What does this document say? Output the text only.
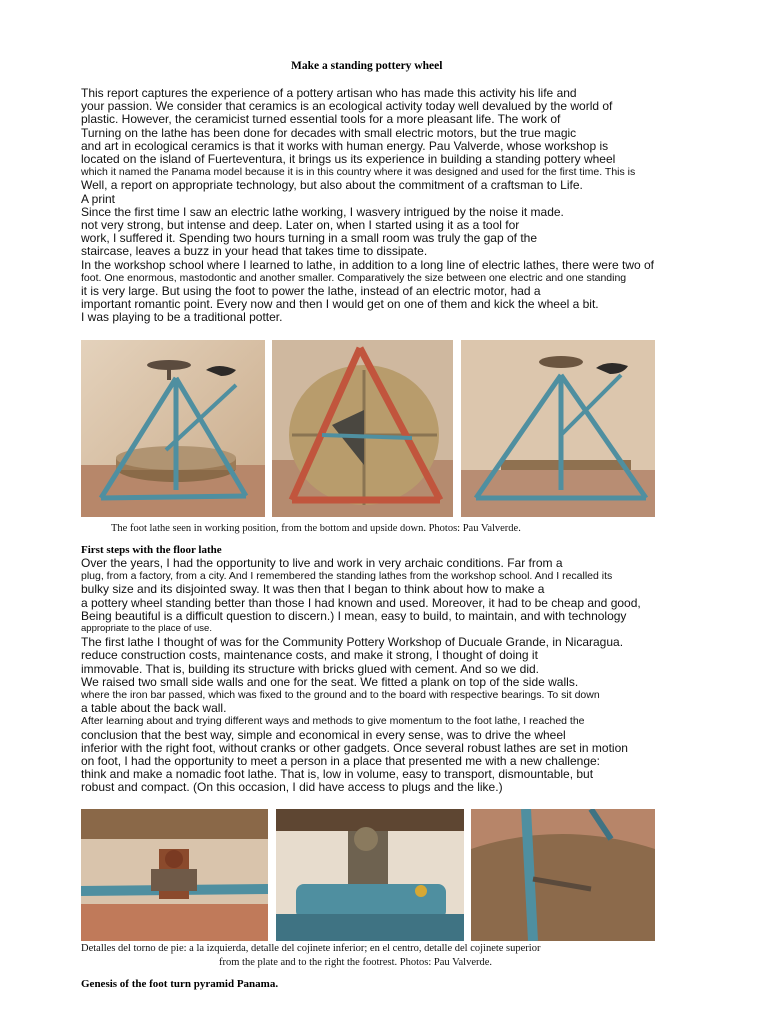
Make a standing pottery wheel
This report captures the experience of a pottery artisan who has made this activity his life and
your passion. We consider that ceramics is an ecological activity today well devalued by the world of
plastic. However, the ceramicist turned essential tools for a more pleasant life. The work of
Turning on the lathe has been done for decades with small electric motors, but the true magic
and art in ecological ceramics is that it works with human energy. Pau Valverde, whose workshop is
located on the island of Fuerteventura, it brings us its experience in building a standing pottery wheel
which it named the Panama model because it is in this country where it was designed and used for the first time. This is
Well, a report on appropriate technology, but also about the commitment of a craftsman to Life.
A print
Since the first time I saw an electric lathe working, I wasvery intrigued by the noise it made.
not very strong, but intense and deep. Later on, when I started using it as a tool for
work, I suffered it. Spending two hours turning in a small room was truly the gap of the
staircase, leaves a buzz in your head that takes time to dissipate.
In the workshop school where I learned to lathe, in addition to a long line of electric lathes, there were two of
foot. One enormous, mastodontic and another smaller. Comparatively the size between one electric and one standing
it is very large. But using the foot to power the lathe, instead of an electric motor, had a
important romantic point. Every now and then I would get on one of them and kick the wheel a bit.
I was playing to be a traditional potter.
The foot lathe seen in working position, from the bottom and upside down. Photos: Pau Valverde.
First steps with the floor lathe
Over the years, I had the opportunity to live and work in very archaic conditions. Far from a
plug, from a factory, from a city. And I remembered the standing lathes from the workshop school. And I recalled its
bulky size and its disjointed sway. It was then that I began to think about how to make a
a pottery wheel standing better than those I had known and used. Moreover, it had to be cheap and good,
Being beautiful is a difficult question to discern.) I mean, easy to build, to maintain, and with technology
appropriate to the place of use.
The first lathe I thought of was for the Community Pottery Workshop of Ducuale Grande, in Nicaragua.
reduce construction costs, maintenance costs, and make it strong, I thought of doing it
immovable. That is, building its structure with bricks glued with cement. And so we did.
We raised two small side walls and one for the seat. We fitted a plank on top of the side walls.
where the iron bar passed, which was fixed to the ground and to the board with respective bearings. To sit down
a table about the back wall.
After learning about and trying different ways and methods to give momentum to the foot lathe, I reached the
conclusion that the best way, simple and economical in every sense, was to drive the wheel
inferior with the right foot, without cranks or other gadgets. Once several robust lathes are set in motion
on foot, I had the opportunity to meet a person in a place that presented me with a new challenge:
think and make a nomadic foot lathe. That is, low in volume, easy to transport, dismountable, but
robust and compact. (On this occasion, I did have access to plugs and the like.)
Detalles del torno de pie: a la izquierda, detalle del cojinete inferior; en el centro, detalle del cojinete superior
from the plate and to the right the footrest. Photos: Pau Valverde.
Genesis of the foot turn pyramid Panama.
